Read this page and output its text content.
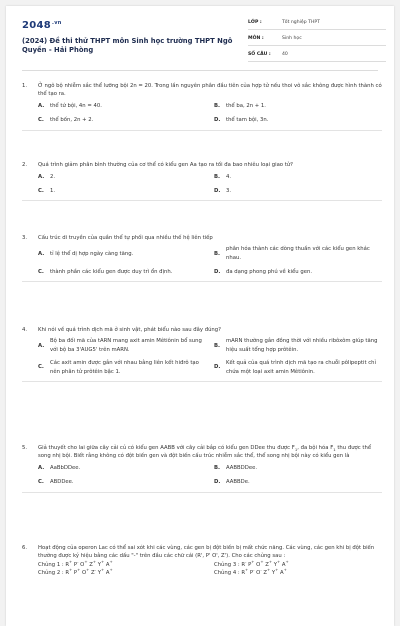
$2048^{.vn}$
(2024) Đề thi thử THPT môn Sinh học trường THPT Ngô Quyền - Hải Phòng
LỚP :	Tốt nghiệp THPT
MÔN :	Sinh học
SỐ CÂU :	40
1.	Ở ngô bộ nhiễm sắc thể lưỡng bội 2n = 20. Trong lần nguyên phân đầu tiên của hợp tử nếu thoi vô sắc không được hình thành có thể tạo ra.
A.	thể tứ bội, 4n = 40.	B.	thể ba, 2n + 1.
C.	thể bốn, 2n + 2.	D.	thể tam bội, 3n.
2.	Quá trình giảm phân bình thường của cơ thể có kiểu gen Aa tạo ra tối đa bao nhiêu loại giao tử?
A.	2.	B.	4.
C.	1.	D.	3.
3.	Cấu trúc di truyền của quần thể tự phối qua nhiều thế hệ liên tiếp
A.	tỉ lệ thể dị hợp ngày càng tăng.	B.
phân hóa thành các dòng thuần với các kiểu gen khác nhau.
C.	thành phần các kiểu gen được duy trì ổn định.	D.	đa dạng phong phú về kiểu gen.
4.	Khi nói về quá trình dịch mã ở sinh vật, phát biểu nào sau đây đúng?
A.
Bộ ba đối mã của tARN mang axit amin Mêtiônin bổ sung với bộ ba 3'AUG5' trên mARN.
B.
mARN thường gắn đồng thời với nhiều ribôxôm giúp tăng hiệu suất tổng hợp prôtêin.
C.
Các axit amin được gắn với nhau bằng liên kết hiđrô tạo nên phân tử prôtêin bậc 1.
D.
Kết quả của quá trình dịch mã tạo ra chuỗi pôlipeptit chỉ chứa một loại axit amin Mêtiônin.
5.	Giả thuyết cho lai giữa cây cải củ có kiểu gen AABB với cây cải bắp có kiểu gen DDee thu được $F_1$, đa bội hóa $F_1$ thu được thể song nhị bội. Biết rằng không có đột biến gen và đột biến cấu trúc nhiễm sắc thể, thể song nhị bội này có kiểu gen là
A.	AaBbDDee.	B.	AABBDDee.
C.	ABDDee.	D.	AABBDe.
6.	Hoạt động của operon Lac có thể sai xót khi các vùng, các gen bị đột biến bị mất chức năng. Các vùng, các gen khi bị đột biến thường được ký hiệu bằng các dấu "-" trên đầu các chữ cái (R', P' O', Z'). Cho các chủng sau :
Chủng 1 : R+ P- O+ Z+ Y+ A+
Chủng 3 : R- P+ O+ Z+ Y+ A+
Chủng 2 : R+ P+ O+ Z- Y+ A+
Chủng 4 : R+ P- O- Z+ Y+ A+
